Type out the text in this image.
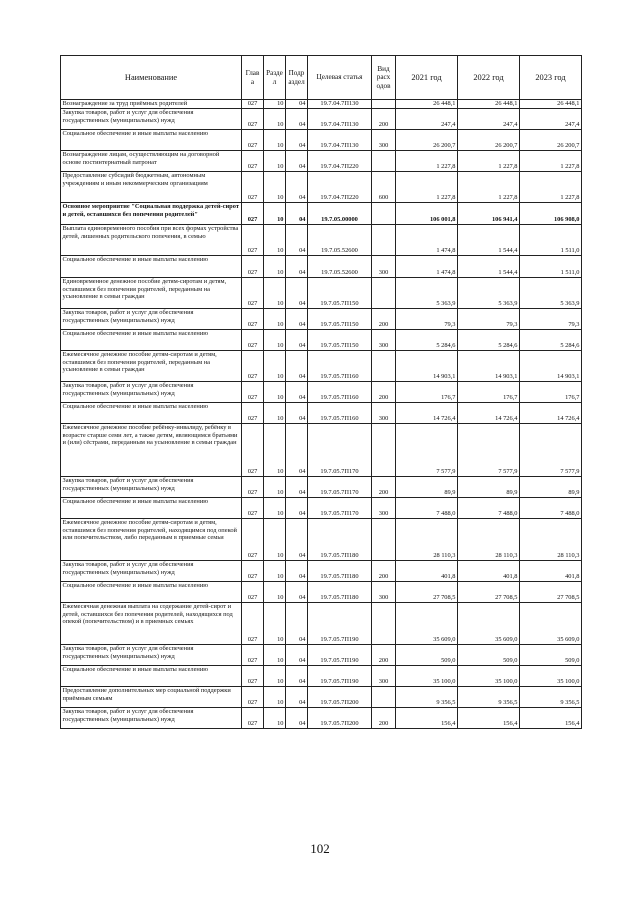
Наименование	Глав а	Разде л	Подр аздел	Целевая статья	Вид расх одов	2021 год	2022 год	2023 год
Вознаграждение за труд приёмных родителей	027	10	04	19.7.04.7П130		26 448,1	26 448,1	26 448,1
Закупка товаров, работ и услуг для обеспечения государственных (муниципальных) нужд	027	10	04	19.7.04.7П130	200	247,4	247,4	247,4
Социальное обеспечение и иные выплаты населению	027	10	04	19.7.04.7П130	300	26 200,7	26 200,7	26 200,7
Вознаграждение лицам, осуществляющим на договорной основе постинтернатный патронат	027	10	04	19.7.04.7П220		1 227,8	1 227,8	1 227,8
Предоставление субсидий бюджетным, автономным учреждениям и иным некоммерческим организациям	027	10	04	19.7.04.7П220	600	1 227,8	1 227,8	1 227,8
Основное мероприятие "Социальная поддержка детей-сирот и детей, оставшихся без попечения родителей"	027	10	04	19.7.05.00000		106 001,8	106 941,4	106 908,0
Выплата единовременного пособия при всех формах устройства детей, лишенных родительского попечения, в семью	027	10	04	19.7.05.52600		1 474,8	1 544,4	1 511,0
Социальное обеспечение и иные выплаты населению	027	10	04	19.7.05.52600	300	1 474,8	1 544,4	1 511,0
Единовременное денежное пособие детям-сиротам и детям, оставшимся без попечения родителей, переданным на усыновление в семьи граждан	027	10	04	19.7.05.7П150		5 363,9	5 363,9	5 363,9
Закупка товаров, работ и услуг для обеспечения государственных (муниципальных) нужд	027	10	04	19.7.05.7П150	200	79,3	79,3	79,3
Социальное обеспечение и иные выплаты населению	027	10	04	19.7.05.7П150	300	5 284,6	5 284,6	5 284,6
Ежемесячное денежное пособие детям-сиротам и детям, оставшимся без попечения родителей, переданным на усыновление в семьи граждан	027	10	04	19.7.05.7П160		14 903,1	14 903,1	14 903,1
Закупка товаров, работ и услуг для обеспечения государственных (муниципальных) нужд	027	10	04	19.7.05.7П160	200	176,7	176,7	176,7
Социальное обеспечение и иные выплаты населению	027	10	04	19.7.05.7П160	300	14 726,4	14 726,4	14 726,4
Ежемесячное денежное пособие ребёнку-инвалиду, ребёнку в возрасте старше семи лет, а также детям, являющимся братьями и (или) сёстрами, переданным на усыновление в семьи граждан	027	10	04	19.7.05.7П170		7 577,9	7 577,9	7 577,9
Закупка товаров, работ и услуг для обеспечения государственных (муниципальных) нужд	027	10	04	19.7.05.7П170	200	89,9	89,9	89,9
Социальное обеспечение и иные выплаты населению	027	10	04	19.7.05.7П170	300	7 488,0	7 488,0	7 488,0
Ежемесячное денежное пособие детям-сиротам и детям, оставшимся без попечения родителей, находящимся под опекой или попечительством, либо переданным в приемные семьи	027	10	04	19.7.05.7П180		28 110,3	28 110,3	28 110,3
Закупка товаров, работ и услуг для обеспечения государственных (муниципальных) нужд	027	10	04	19.7.05.7П180	200	401,8	401,8	401,8
Социальное обеспечение и иные выплаты населению	027	10	04	19.7.05.7П180	300	27 708,5	27 708,5	27 708,5
Ежемесячная денежная выплата на содержание детей-сирот и детей, оставшихся без попечения родителей, находящихся под опекой (попечительством) и в приемных семьях	027	10	04	19.7.05.7П190		35 609,0	35 609,0	35 609,0
Закупка товаров, работ и услуг для обеспечения государственных (муниципальных) нужд	027	10	04	19.7.05.7П190	200	509,0	509,0	509,0
Социальное обеспечение и иные выплаты населению	027	10	04	19.7.05.7П190	300	35 100,0	35 100,0	35 100,0
Предоставление дополнительных мер социальной поддержки приёмным семьям	027	10	04	19.7.05.7П200		9 356,5	9 356,5	9 356,5
Закупка товаров, работ и услуг для обеспечения государственных (муниципальных) нужд	027	10	04	19.7.05.7П200	200	156,4	156,4	156,4
102
